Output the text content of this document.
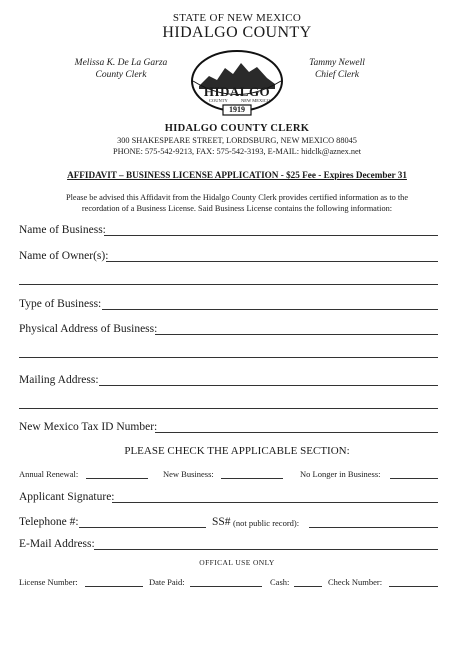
STATE OF NEW MEXICO
HIDALGO COUNTY
Melissa K. De La Garza
County Clerk
Tammy Newell
Chief Clerk
HIDALGO
COUNTY	NEW MEXICO
1919
HIDALGO COUNTY CLERK
300 SHAKESPEARE STREET, LORDSBURG, NEW MEXICO 88045
PHONE: 575-542-9213, FAX: 575-542-3193, E-MAIL: hidclk@aznex.net
AFFIDAVIT – BUSINESS LICENSE APPLICATION - $25 Fee - Expires December 31
Please be advised this Affidavit from the Hidalgo County Clerk provides certified information as to the
recordation of a Business License. Said Business License contains the following information:
Name of Business:
Name of Owner(s):
Type of Business:
Physical Address of Business:
Mailing Address:
New Mexico Tax ID Number:
PLEASE CHECK THE APPLICABLE SECTION:
Annual Renewal:	New Business:	No Longer in Business:
Applicant Signature:
Telephone #:	SS# (not public record):
E-Mail Address:
OFFICAL USE ONLY
License Number:	Date Paid:	Cash:	Check Number:
